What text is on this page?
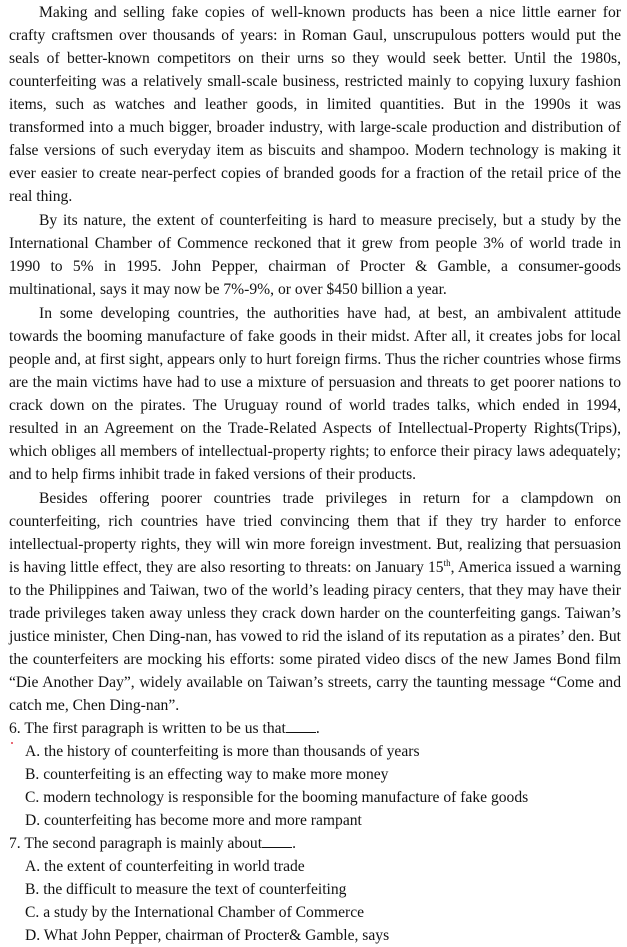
Making and selling fake copies of well-known products has been a nice little earner for crafty craftsmen over thousands of years: in Roman Gaul, unscrupulous potters would put the seals of better-known competitors on their urns so they would seek better. Until the 1980s, counterfeiting was a relatively small-scale business, restricted mainly to copying luxury fashion items, such as watches and leather goods, in limited quantities. But in the 1990s it was transformed into a much bigger, broader industry, with large-scale production and distribution of false versions of such everyday item as biscuits and shampoo. Modern technology is making it ever easier to create near-perfect copies of branded goods for a fraction of the retail price of the real thing.

By its nature, the extent of counterfeiting is hard to measure precisely, but a study by the International Chamber of Commence reckoned that it grew from people 3% of world trade in 1990 to 5% in 1995. John Pepper, chairman of Procter & Gamble, a consumer-goods multinational, says it may now be 7%-9%, or over $450 billion a year.

In some developing countries, the authorities have had, at best, an ambivalent attitude towards the booming manufacture of fake goods in their midst. After all, it creates jobs for local people and, at first sight, appears only to hurt foreign firms. Thus the richer countries whose firms are the main victims have had to use a mixture of persuasion and threats to get poorer nations to crack down on the pirates. The Uruguay round of world trades talks, which ended in 1994, resulted in an Agreement on the Trade-Related Aspects of Intellectual-Property Rights(Trips), which obliges all members of intellectual-property rights; to enforce their piracy laws adequately; and to help firms inhibit trade in faked versions of their products.

Besides offering poorer countries trade privileges in return for a clampdown on counterfeiting, rich countries have tried convincing them that if they try harder to enforce intellectual-property rights, they will win more foreign investment. But, realizing that persuasion is having little effect, they are also resorting to threats: on January 15th, America issued a warning to the Philippines and Taiwan, two of the world’s leading piracy centers, that they may have their trade privileges taken away unless they crack down harder on the counterfeiting gangs. Taiwan’s justice minister, Chen Ding-nan, has vowed to rid the island of its reputation as a pirates’ den. But the counterfeiters are mocking his efforts: some pirated video discs of the new James Bond film “Die Another Day”, widely available on Taiwan’s streets, carry the taunting message “Come and catch me, Chen Ding-nan”.

6. The first paragraph is written to be us that .

A. the history of counterfeiting is more than thousands of years

B. counterfeiting is an effecting way to make more money

C. modern technology is responsible for the booming manufacture of fake goods

D. counterfeiting has become more and more rampant

7. The second paragraph is mainly about .

A. the extent of counterfeiting in world trade

B. the difficult to measure the text of counterfeiting

C. a study by the International Chamber of Commerce

D. What John Pepper, chairman of Procter& Gamble, says
